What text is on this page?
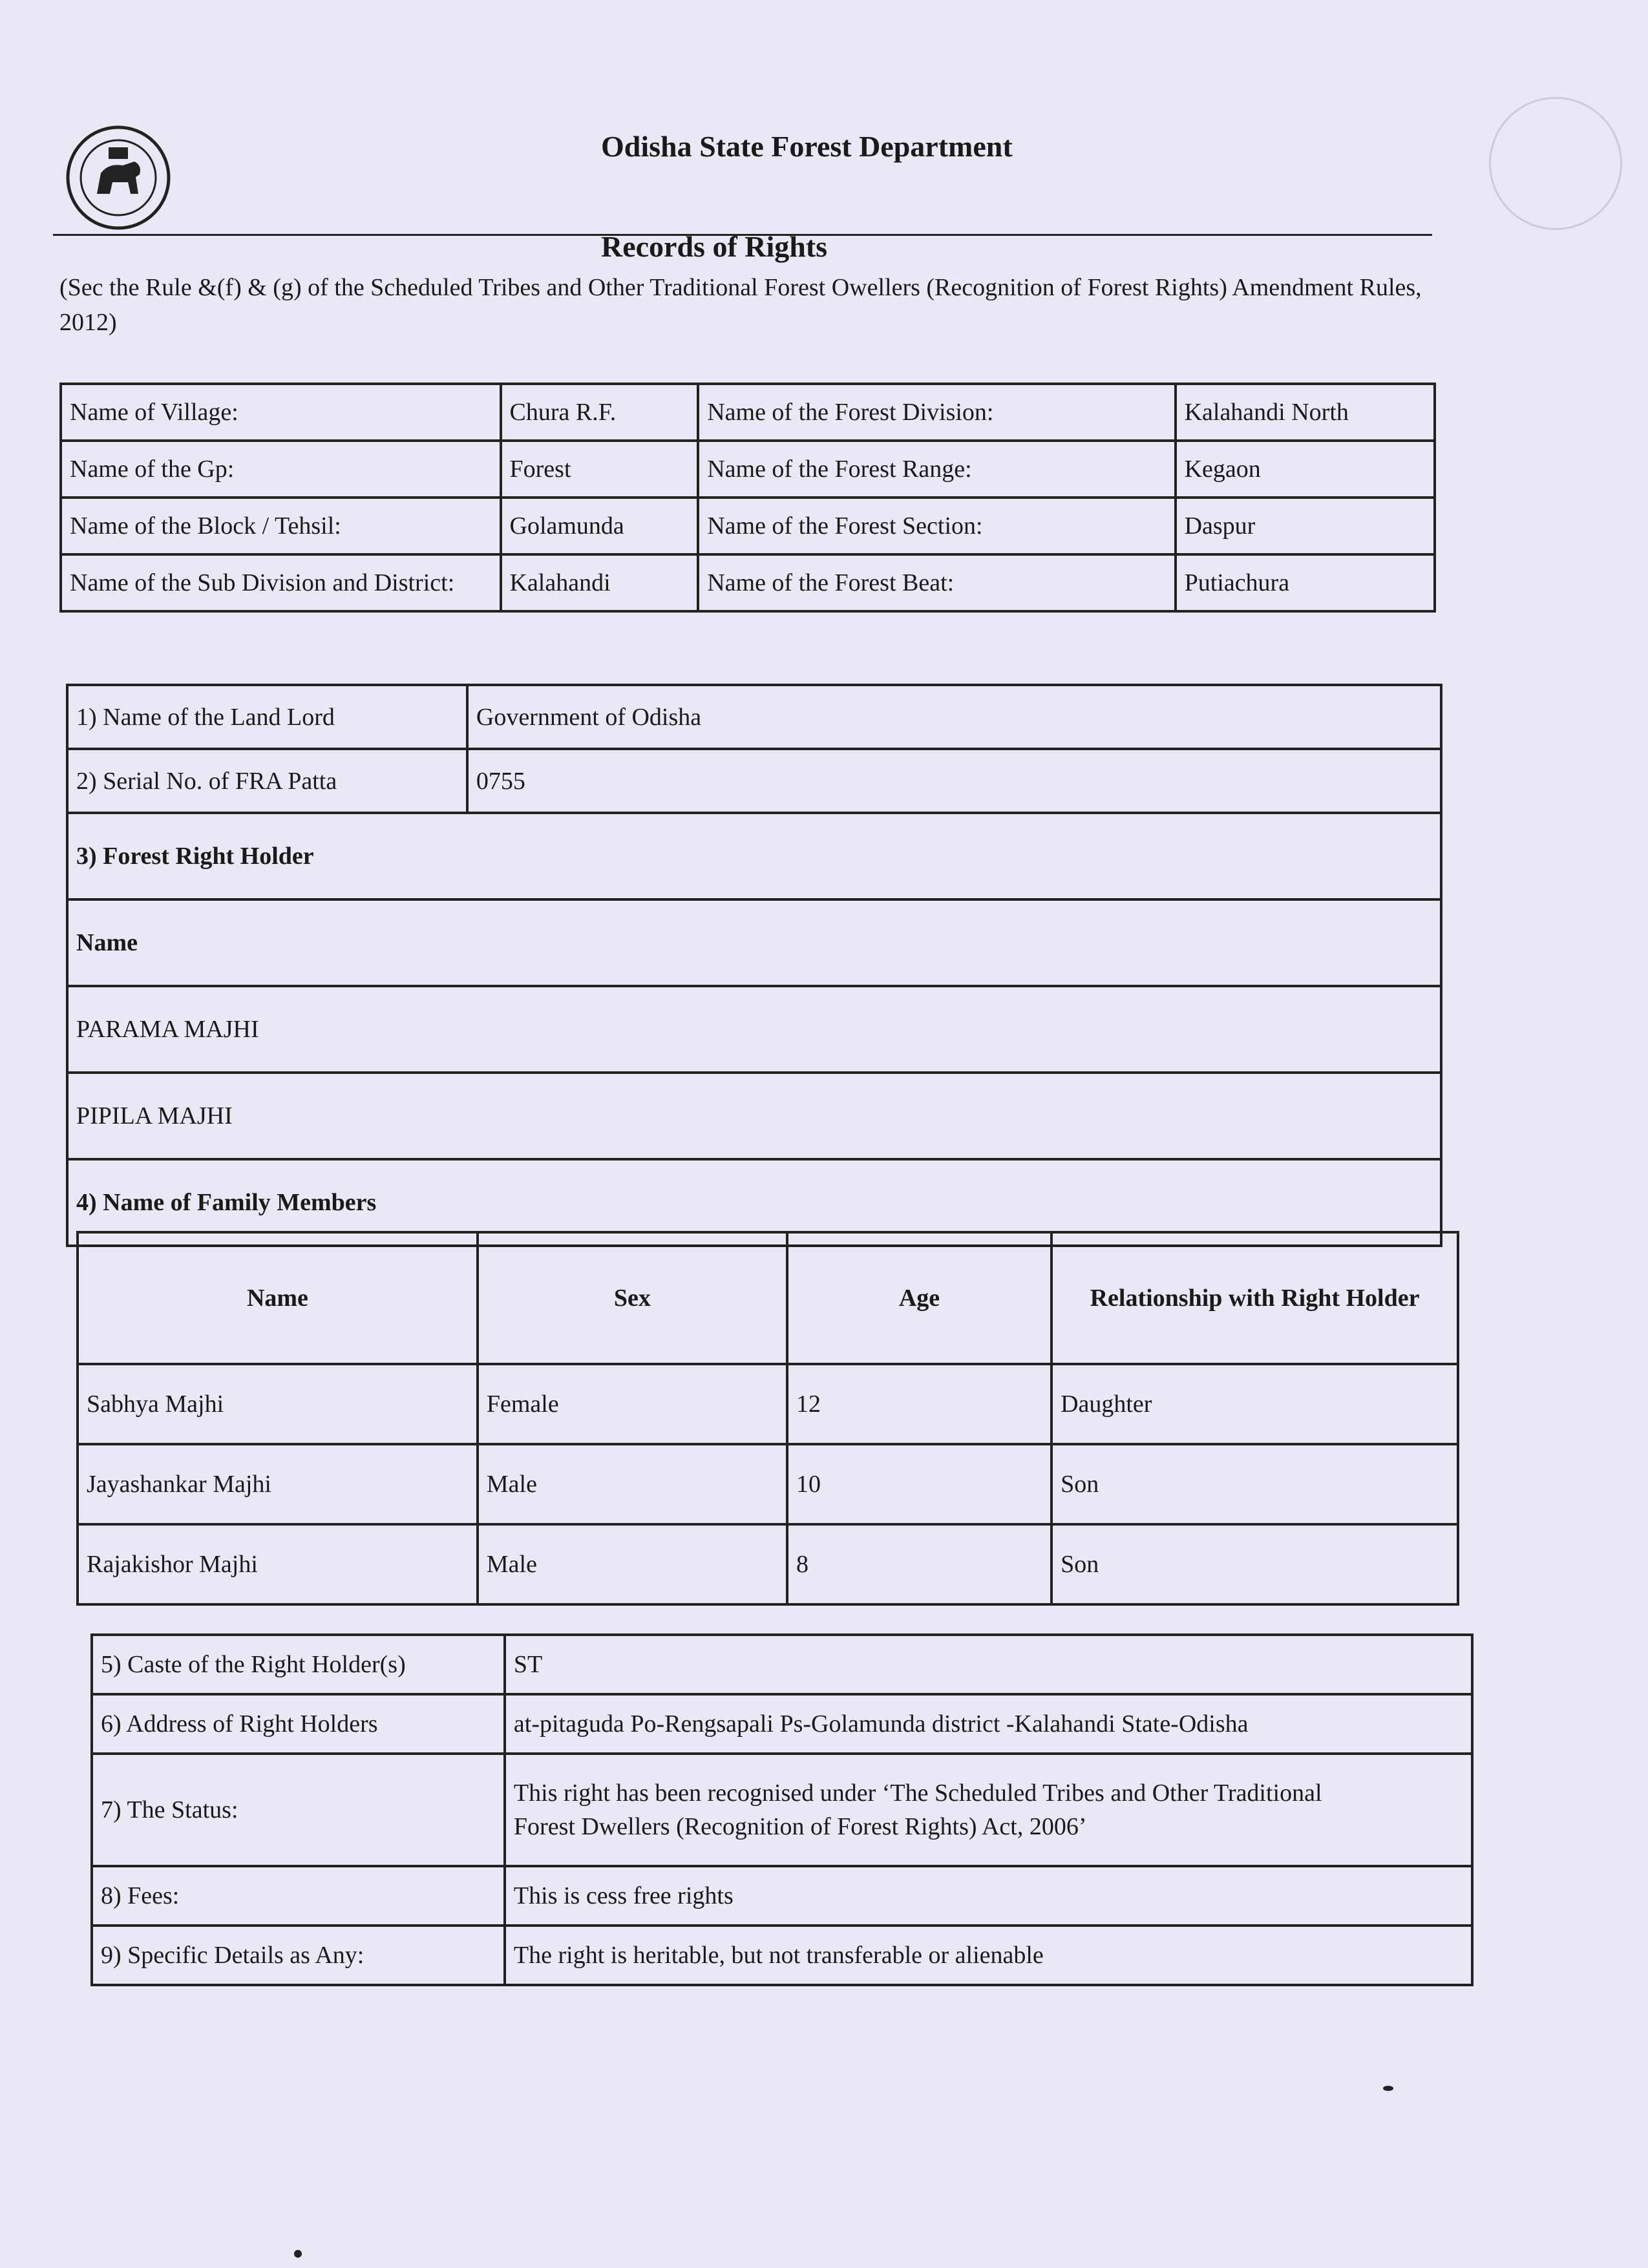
Odisha State Forest Department
Records of Rights
(Sec the Rule &(f) & (g) of the Scheduled Tribes and Other Traditional Forest Owellers (Recognition of Forest Rights) Amendment Rules, 2012)
Name of Village:	Chura R.F.	Name of the Forest Division:	Kalahandi North
Name of the Gp:	Forest	Name of the Forest Range:	Kegaon
Name of the Block / Tehsil:	Golamunda	Name of the Forest Section:	Daspur
Name of the Sub Division and District:	Kalahandi	Name of the Forest Beat:	Putiachura
1) Name of the Land Lord	Government of Odisha
2) Serial No. of FRA Patta	0755
3) Forest Right Holder	
Name	
PARAMA MAJHI	
PIPILA MAJHI	
4) Name of Family Members	
Name	Sex	Age	Relationship with Right Holder
Sabhya Majhi	Female	12	Daughter
Jayashankar Majhi	Male	10	Son
Rajakishor Majhi	Male	8	Son
5) Caste of the Right Holder(s)	ST
6) Address of Right Holders	at-pitaguda Po-Rengsapali Ps-Golamunda district -Kalahandi State-Odisha
7) The Status:	This right has been recognised under ‘The Scheduled Tribes and Other Traditional
Forest Dwellers (Recognition of Forest Rights) Act, 2006’

8) Fees:	This is cess free rights
9) Specific Details as Any:	The right is heritable, but not transferable or alienable
